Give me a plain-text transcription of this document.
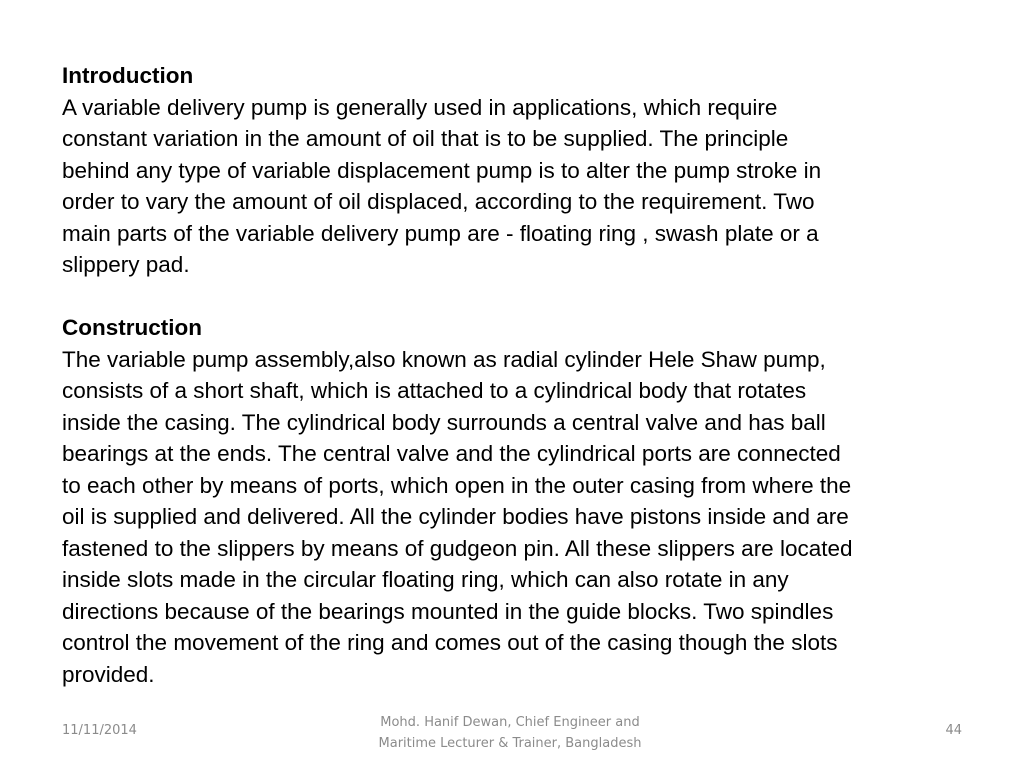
Introduction
A variable delivery pump is generally used in applications, which require
constant variation in the amount of oil that is to be supplied. The principle
behind any type of variable displacement pump is to alter the pump stroke in
order to vary the amount of oil displaced, according to the requirement. Two
main parts of the variable delivery pump are - floating ring , swash plate or a
slippery pad.
Construction
The variable pump assembly,also known as radial cylinder Hele Shaw pump,
consists of a short shaft, which is attached to a cylindrical body that rotates
inside the casing. The cylindrical body surrounds a central valve and has ball
bearings at the ends. The central valve and the cylindrical ports are connected
to each other by means of ports, which open in the outer casing from where the
oil is supplied and delivered. All the cylinder bodies have pistons inside and are
fastened to the slippers by means of gudgeon pin. All these slippers are located
inside slots made in the circular floating ring, which can also rotate in any
directions because of the bearings mounted in the guide blocks. Two spindles
control the movement of the ring and comes out of the casing though the slots
provided.
11/11/2014
Mohd. Hanif Dewan, Chief Engineer and
Maritime Lecturer & Trainer, Bangladesh
44
